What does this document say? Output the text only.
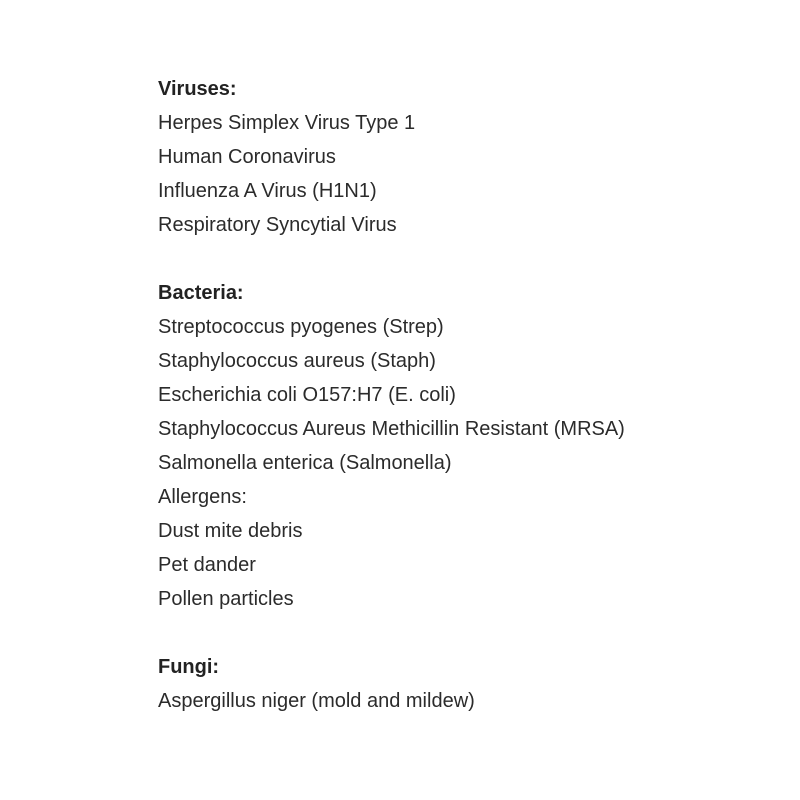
Viruses:
Herpes Simplex Virus Type 1
Human Coronavirus
Influenza A Virus (H1N1)
Respiratory Syncytial Virus
Bacteria:
Streptococcus pyogenes (Strep)
Staphylococcus aureus (Staph)
Escherichia coli O157:H7 (E. coli)
Staphylococcus Aureus Methicillin Resistant (MRSA)
Salmonella enterica (Salmonella)
Allergens:
Dust mite debris
Pet dander
Pollen particles
Fungi:
Aspergillus niger (mold and mildew)
